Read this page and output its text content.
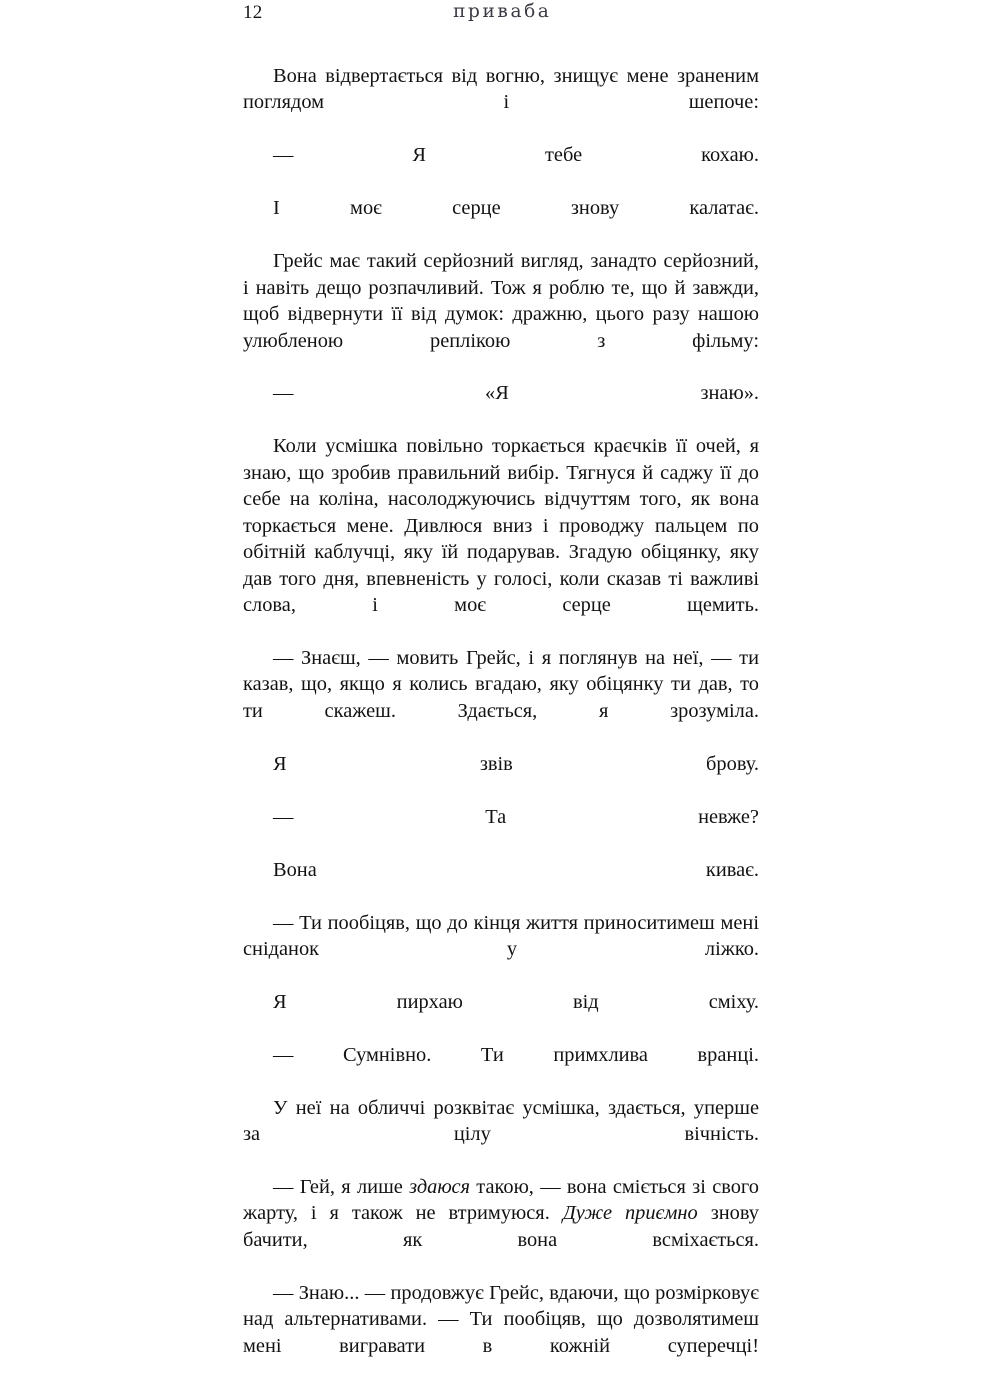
12	приваба

Вона відвертається від вогню, знищує мене зраненим поглядом і шепоче:

— Я тебе кохаю.

І моє серце знову калатає.

Грейс має такий серйозний вигляд, занадто серйозний, і навіть дещо розпачливий. Тож я роблю те, що й завжди, щоб відвернути її від думок: дражню, цього разу нашою улюбленою реплікою з фільму:

— «Я знаю».

Коли усмішка повільно торкається краєчків її очей, я знаю, що зробив правильний вибір. Тягнуся й саджу її до себе на коліна, насолоджуючись відчуттям того, як вона торкається мене. Дивлюся вниз і проводжу пальцем по обітній каблучці, яку їй подарував. Згадую обіцянку, яку дав того дня, впевненість у голосі, коли сказав ті важливі слова, і моє серце щемить.

— Знаєш, — мовить Грейс, і я поглянув на неї, — ти казав, що, якщо я колись вгадаю, яку обіцянку ти дав, то ти скажеш. Здається, я зрозуміла.

Я звів брову.

— Та невже?

Вона киває.

— Ти пообіцяв, що до кінця життя приноситимеш мені сніданок у ліжко.

Я пирхаю від сміху.

— Сумнівно. Ти примхлива вранці.

У неї на обличчі розквітає усмішка, здається, уперше за цілу вічність.

— Гей, я лише здаюся такою, — вона сміється зі свого жарту, і я також не втримуюся. Дуже приємно знову бачити, як вона всміхається.

— Знаю... — продовжує Грейс, вдаючи, що розмірковує над альтернативами. — Ти пообіцяв, що дозволятимеш мені вигравати в кожній суперечці!
